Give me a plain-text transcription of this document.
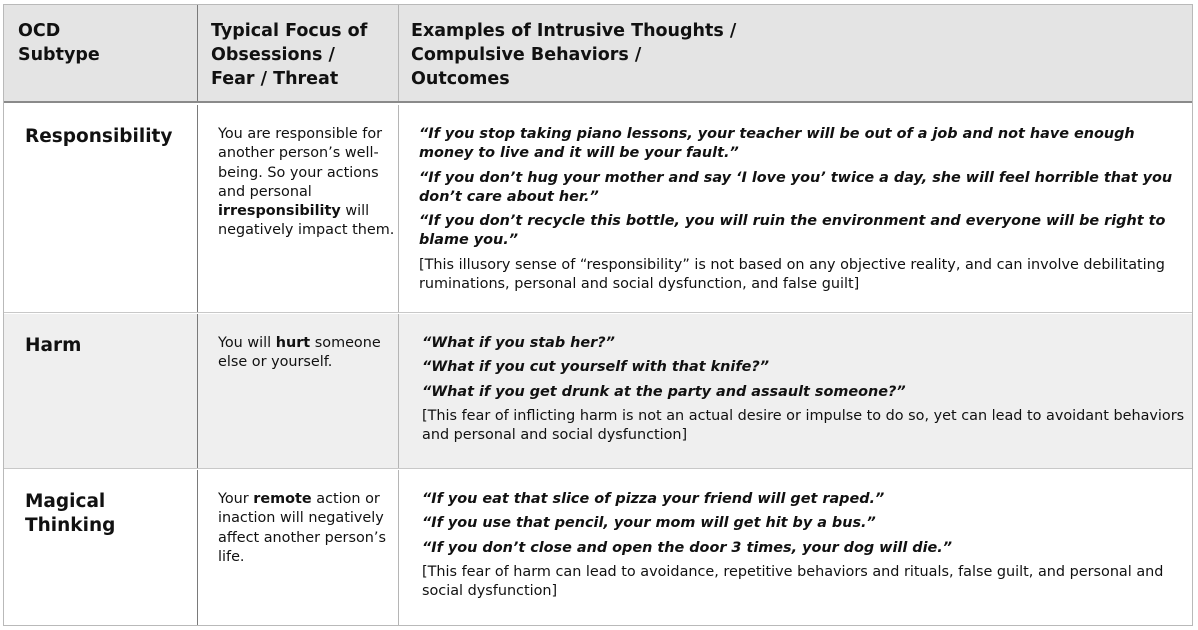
OCD
Subtype
Typical Focus of
Obsessions /
Fear / Threat
Examples of Intrusive Thoughts /
Compulsive Behaviors /
Outcomes
Responsibility	You are responsible for another person’s well-being. So your actions and personal irresponsibility will negatively impact them.

“If you stop taking piano lessons, your teacher will be out of a job and not have enough money to live and it will be your fault.”

“If you don’t hug your mother and say ‘I love you’ twice a day, she will feel horrible that you don’t care about her.”

“If you don’t recycle this bottle, you will ruin the environment and everyone will be right to blame you.”

[This illusory sense of “responsibility” is not based on any objective reality, and can involve debilitating ruminations, personal and social dysfunction, and false guilt]

Harm	You will hurt someone else or yourself.

“What if you stab her?”

“What if you cut yourself with that knife?”

“What if you get drunk at the party and assault someone?”

[This fear of inflicting harm is not an actual desire or impulse to do so, yet can lead to avoidant behaviors and personal and social dysfunction]

Magical
Thinking
Your remote action or inaction will negatively affect another person’s life.

“If you eat that slice of pizza your friend will get raped.”

“If you use that pencil, your mom will get hit by a bus.”

“If you don’t close and open the door 3 times, your dog will die.”

[This fear of harm can lead to avoidance, repetitive behaviors and rituals, false guilt, and personal and social dysfunction]
